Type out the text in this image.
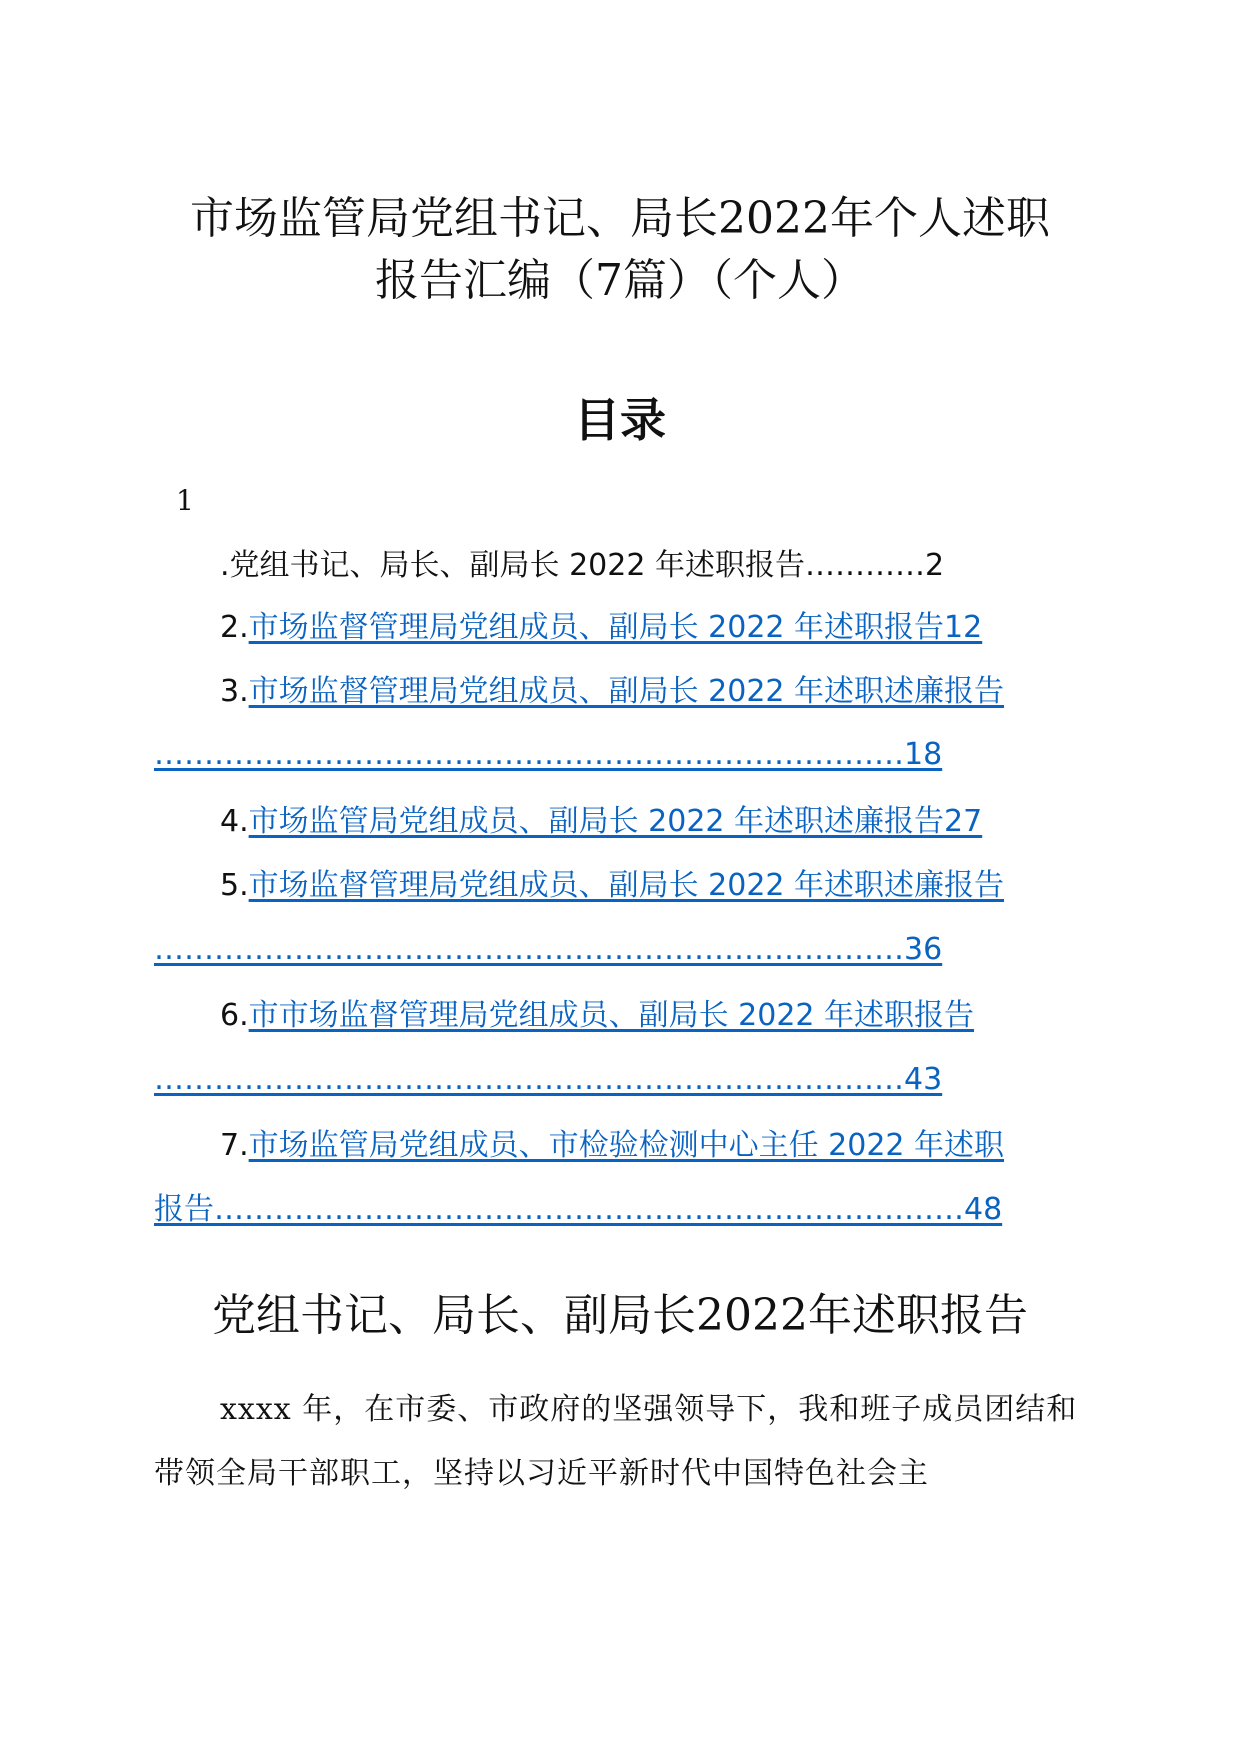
市场监管局党组书记、局长2022年个人述职
报告汇编（7篇）（个人）
目录
1
.党组书记、局长、副局长 2022 年述职报告…………2
2.市场监督管理局党组成员、副局长 2022 年述职报告12
3.市场监督管理局党组成员、副局长 2022 年述职述廉报告
…………………………………………………………………18
4.市场监管局党组成员、副局长 2022 年述职述廉报告27
5.市场监督管理局党组成员、副局长 2022 年述职述廉报告
…………………………………………………………………36
6.市市场监督管理局党组成员、副局长 2022 年述职报告
…………………………………………………………………43
7.市场监管局党组成员、市检验检测中心主任 2022 年述职
报告…………………………………………………………………48
党组书记、局长、副局长2022年述职报告

xxxx 年，在市委、市政府的坚强领导下，我和班子成员团结和带领全局干部职工，坚持以习近平新时代中国特色社会主
